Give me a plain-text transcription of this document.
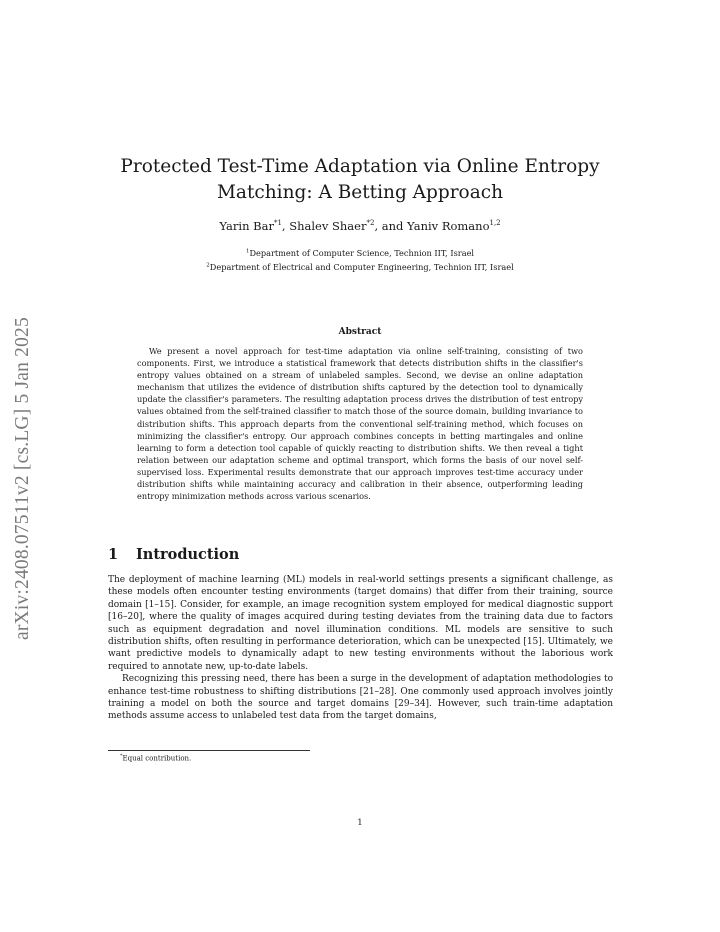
arXiv:2408.07511v2 [cs.LG] 5 Jan 2025
Protected Test-Time Adaptation via Online Entropy
Matching: A Betting Approach
Yarin Bar$^{*1}$, Shalev Shaer$^{*2}$, and Yaniv Romano$^{1,2}$
$^1$Department of Computer Science, Technion IIT, Israel
$^2$Department of Electrical and Computer Engineering, Technion IIT, Israel
Abstract
We present a novel approach for test-time adaptation via online self-training, consisting of two components. First, we introduce a statistical framework that detects distribution shifts in the classifier's entropy values obtained on a stream of unlabeled samples. Second, we devise an online adaptation mechanism that utilizes the evidence of distribution shifts captured by the detection tool to dynamically update the classifier's parameters. The resulting adaptation process drives the distribution of test entropy values obtained from the self-trained classifier to match those of the source domain, building invariance to distribution shifts. This approach departs from the conventional self-training method, which focuses on minimizing the classifier's entropy. Our approach combines concepts in betting martingales and online learning to form a detection tool capable of quickly reacting to distribution shifts. We then reveal a tight relation between our adaptation scheme and optimal transport, which forms the basis of our novel self-supervised loss. Experimental results demonstrate that our approach improves test-time accuracy under distribution shifts while maintaining accuracy and calibration in their absence, outperforming leading entropy minimization methods across various scenarios.
1 Introduction

The deployment of machine learning (ML) models in real-world settings presents a significant challenge, as these models often encounter testing environments (target domains) that differ from their training, source domain [1–15]. Consider, for example, an image recognition system employed for medical diagnostic support [16–20], where the quality of images acquired during testing deviates from the training data due to factors such as equipment degradation and novel illumination conditions. ML models are sensitive to such distribution shifts, often resulting in performance deterioration, which can be unexpected [15]. Ultimately, we want predictive models to dynamically adapt to new testing environments without the laborious work required to annotate new, up-to-date labels.

Recognizing this pressing need, there has been a surge in the development of adaptation methodologies to enhance test-time robustness to shifting distributions [21–28]. One commonly used approach involves jointly training a model on both the source and target domains [29–34]. However, such train-time adaptation methods assume access to unlabeled test data from the target domains,

*Equal contribution.
1
